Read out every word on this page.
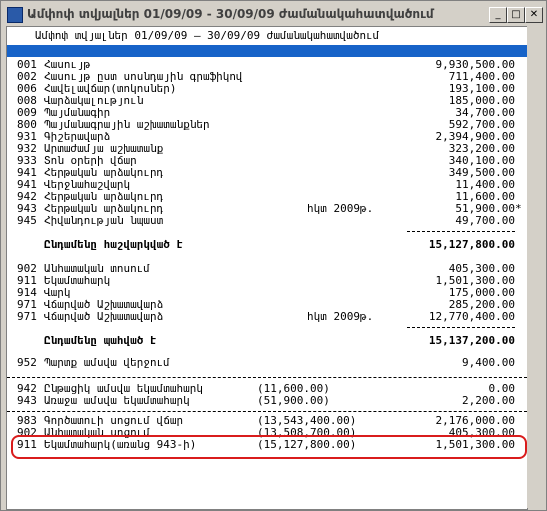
Ամփոփ տվյալներ 01/09/09 - 30/09/09 ժամանակահատվածում	_	□ ✕
Ամփոփ տվյալներ 01/09/09 – 30/09/09 ժամանակահատվածում
001 Հասույթ	9,930,500.00
002 Հասույթ ըստ սոսնդային գրաֆիկով	711,400.00
006 Հավելավճար(տոկոսներ)	193,100.00
008 Վարձակալություն	185,000.00
009 Պայմանագիր	34,700.00
800 Պայմանագրային աշխատանքներ	592,700.00
931 Գիշերավարձ	2,394,900.00
932 Արտաժամյա աշխատանք	323,200.00
933 Տոն օրերի վճար	340,100.00
941 Հերթական արձակուրդ	349,500.00
941 Վերջնահաշվարկ	11,400.00
942 Հերթական արձակուրդ	11,600.00
943 Հերթական արձակուրդ	հկտ 2009թ.	51,900.00 *
945 Հիվանդության նպաստ	49,700.00
Ընդամենը հաշվարկված է	15,127,800.00
902 Անհատական տոսում	405,300.00
911 Եկամտահարկ	1,501,300.00
914 Վարկ	175,000.00
971 Վճարված Աշխատավարձ	285,200.00
971 Վճարված Աշխատավարձ	հկտ 2009թ.	12,770,400.00
Ընդամենը պահված է	15,137,200.00
952 Պարտք ամսվա վերջում	9,400.00
942 Ընթացիկ ամսվա եկամտահարկ	(11,600.00)	0.00
943 Առաջա ամսվա եկամտահարկ	(51,900.00)	2,200.00
983 Գործատուի սոցում վճար	(13,543,400.00)	2,176,000.00
902 Անհատական սոցում	(13,508,700.00)	405,300.00
911 Եկամտահարկ(առանց 943-ի)	(15,127,800.00)	1,501,300.00
